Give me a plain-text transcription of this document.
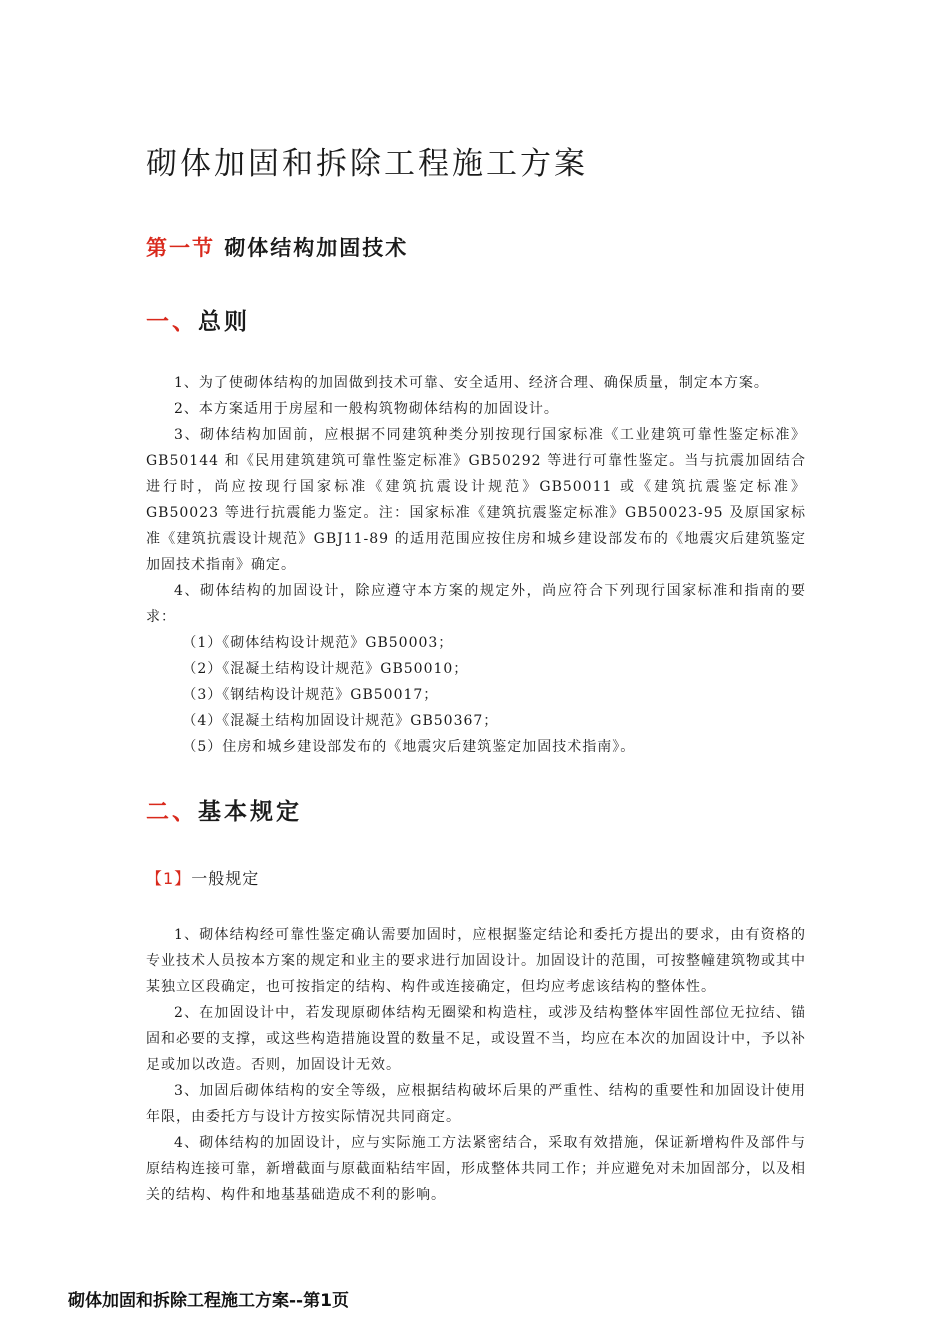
砌体加固和拆除工程施工方案
第一节 砌体结构加固技术
一、总则

1、为了使砌体结构的加固做到技术可靠、安全适用、经济合理、确保质量，制定本方案。

2、本方案适用于房屋和一般构筑物砌体结构的加固设计。

3、砌体结构加固前，应根据不同建筑种类分别按现行国家标准《工业建筑可靠性鉴定标准》GB50144 和《民用建筑建筑可靠性鉴定标准》GB50292 等进行可靠性鉴定。当与抗震加固结合进行时，尚应按现行国家标准《建筑抗震设计规范》GB50011 或《建筑抗震鉴定标准》GB50023 等进行抗震能力鉴定。注：国家标准《建筑抗震鉴定标准》GB50023-95 及原国家标准《建筑抗震设计规范》GBJ11-89 的适用范围应按住房和城乡建设部发布的《地震灾后建筑鉴定加固技术指南》确定。

4、砌体结构的加固设计，除应遵守本方案的规定外，尚应符合下列现行国家标准和指南的要求：

（1）《砌体结构设计规范》GB50003；

（2）《混凝土结构设计规范》GB50010；

（3）《钢结构设计规范》GB50017；

（4）《混凝土结构加固设计规范》GB50367；

（5）住房和城乡建设部发布的《地震灾后建筑鉴定加固技术指南》。

二、基本规定
【1】一般规定

1、砌体结构经可靠性鉴定确认需要加固时，应根据鉴定结论和委托方提出的要求，由有资格的专业技术人员按本方案的规定和业主的要求进行加固设计。加固设计的范围，可按整幢建筑物或其中某独立区段确定，也可按指定的结构、构件或连接确定，但均应考虑该结构的整体性。

2、在加固设计中，若发现原砌体结构无圈梁和构造柱，或涉及结构整体牢固性部位无拉结、锚固和必要的支撑，或这些构造措施设置的数量不足，或设置不当，均应在本次的加固设计中，予以补足或加以改造。否则，加固设计无效。

3、加固后砌体结构的安全等级，应根据结构破坏后果的严重性、结构的重要性和加固设计使用年限，由委托方与设计方按实际情况共同商定。

4、砌体结构的加固设计，应与实际施工方法紧密结合，采取有效措施，保证新增构件及部件与原结构连接可靠，新增截面与原截面粘结牢固，形成整体共同工作；并应避免对未加固部分，以及相关的结构、构件和地基基础造成不利的影响。

砌体加固和拆除工程施工方案--第1页
